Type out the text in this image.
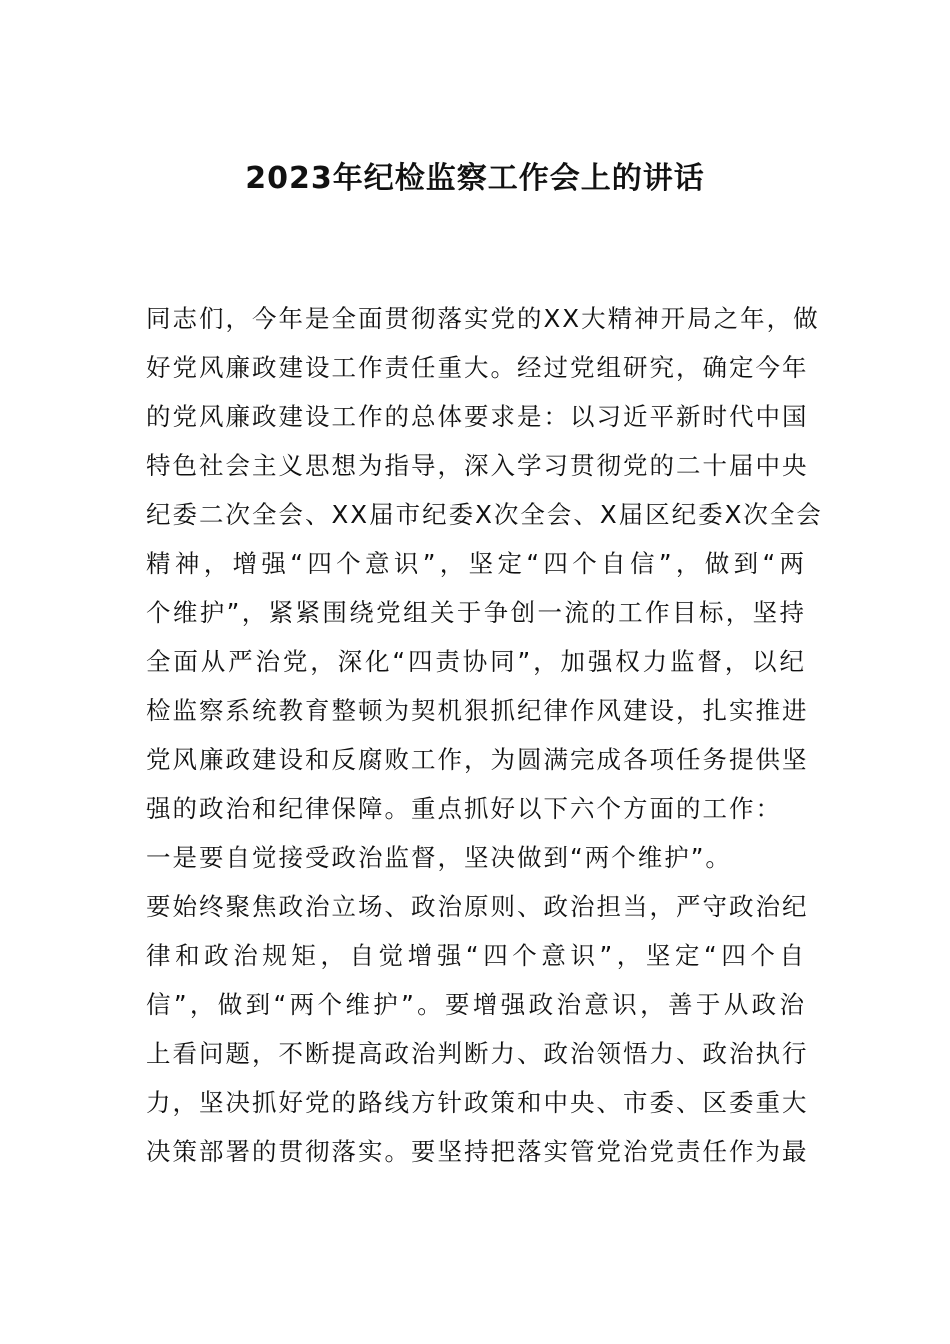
2023年纪检监察工作会上的讲话
同志们，今年是全面贯彻落实党的XX大精神开局之年，做
好党风廉政建设工作责任重大。经过党组研究，确定今年
的党风廉政建设工作的总体要求是：以习近平新时代中国
特色社会主义思想为指导，深入学习贯彻党的二十届中央
纪委二次全会、XX届市纪委X次全会、X届区纪委X次全会
精神，增强“四个意识”，坚定“四个自信”，做到“两
个维护”，紧紧围绕党组关于争创一流的工作目标，坚持
全面从严治党，深化“四责协同”，加强权力监督，以纪
检监察系统教育整顿为契机狠抓纪律作风建设，扎实推进
党风廉政建设和反腐败工作，为圆满完成各项任务提供坚
强的政治和纪律保障。重点抓好以下六个方面的工作：
一是要自觉接受政治监督，坚决做到“两个维护”。
要始终聚焦政治立场、政治原则、政治担当，严守政治纪
律和政治规矩，自觉增强“四个意识”，坚定“四个自
信”，做到“两个维护”。要增强政治意识，善于从政治
上看问题，不断提高政治判断力、政治领悟力、政治执行
力，坚决抓好党的路线方针政策和中央、市委、区委重大
决策部署的贯彻落实。要坚持把落实管党治党责任作为最
